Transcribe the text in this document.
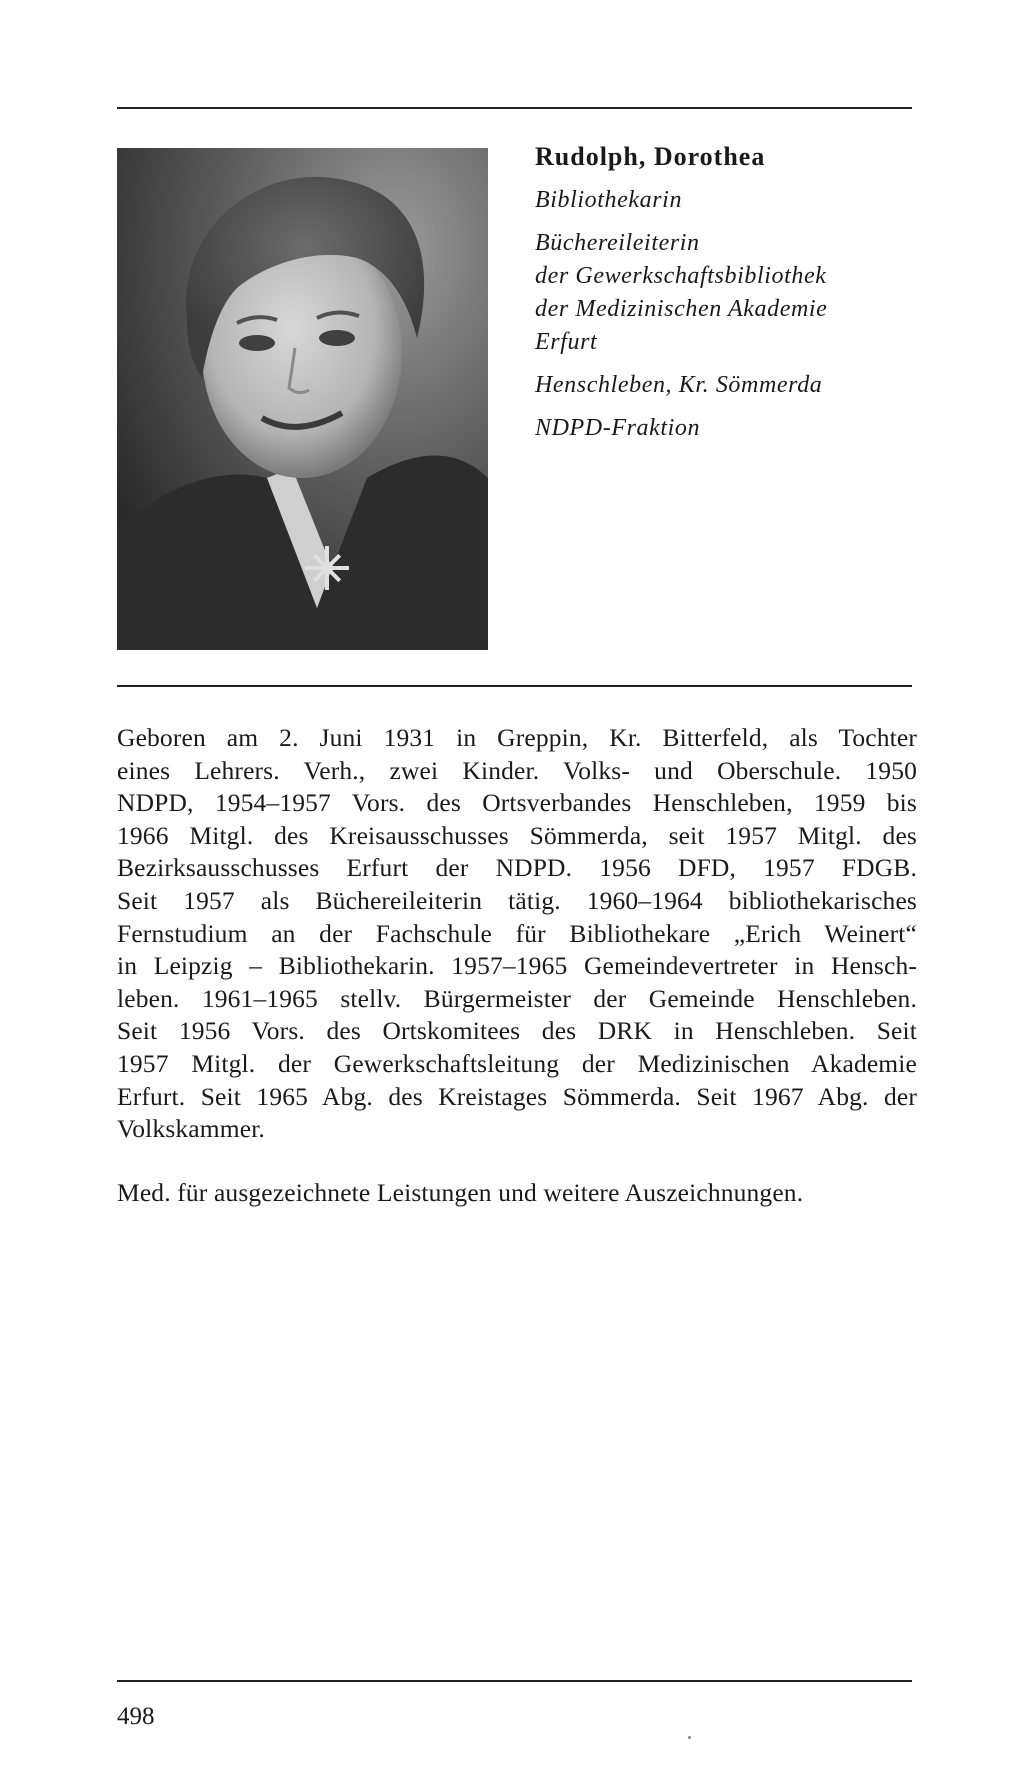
Rudolph, Dorothea
Bibliothekarin
Büchereileiterin
der Gewerkschaftsbibliothek
der Medizinischen Akademie
Erfurt
Henschleben, Kr. Sömmerda
NDPD-Fraktion

Geboren am 2. Juni 1931 in Greppin, Kr. Bitterfeld, als Tochter
eines Lehrers. Verh., zwei Kinder. Volks- und Oberschule. 1950
NDPD, 1954–1957 Vors. des Ortsverbandes Henschleben, 1959 bis
1966 Mitgl. des Kreisausschusses Sömmerda, seit 1957 Mitgl. des
Bezirksausschusses Erfurt der NDPD. 1956 DFD, 1957 FDGB.
Seit 1957 als Büchereileiterin tätig. 1960–1964 bibliothekarisches
Fernstudium an der Fachschule für Bibliothekare „Erich Weinert“
in Leipzig – Bibliothekarin. 1957–1965 Gemeindevertreter in Hensch-
leben. 1961–1965 stellv. Bürgermeister der Gemeinde Henschleben.
Seit 1956 Vors. des Ortskomitees des DRK in Henschleben. Seit
1957 Mitgl. der Gewerkschaftsleitung der Medizinischen Akademie
Erfurt. Seit 1965 Abg. des Kreistages Sömmerda. Seit 1967 Abg. der
Volkskammer.

Med. für ausgezeichnete Leistungen und weitere Auszeichnungen.

498
